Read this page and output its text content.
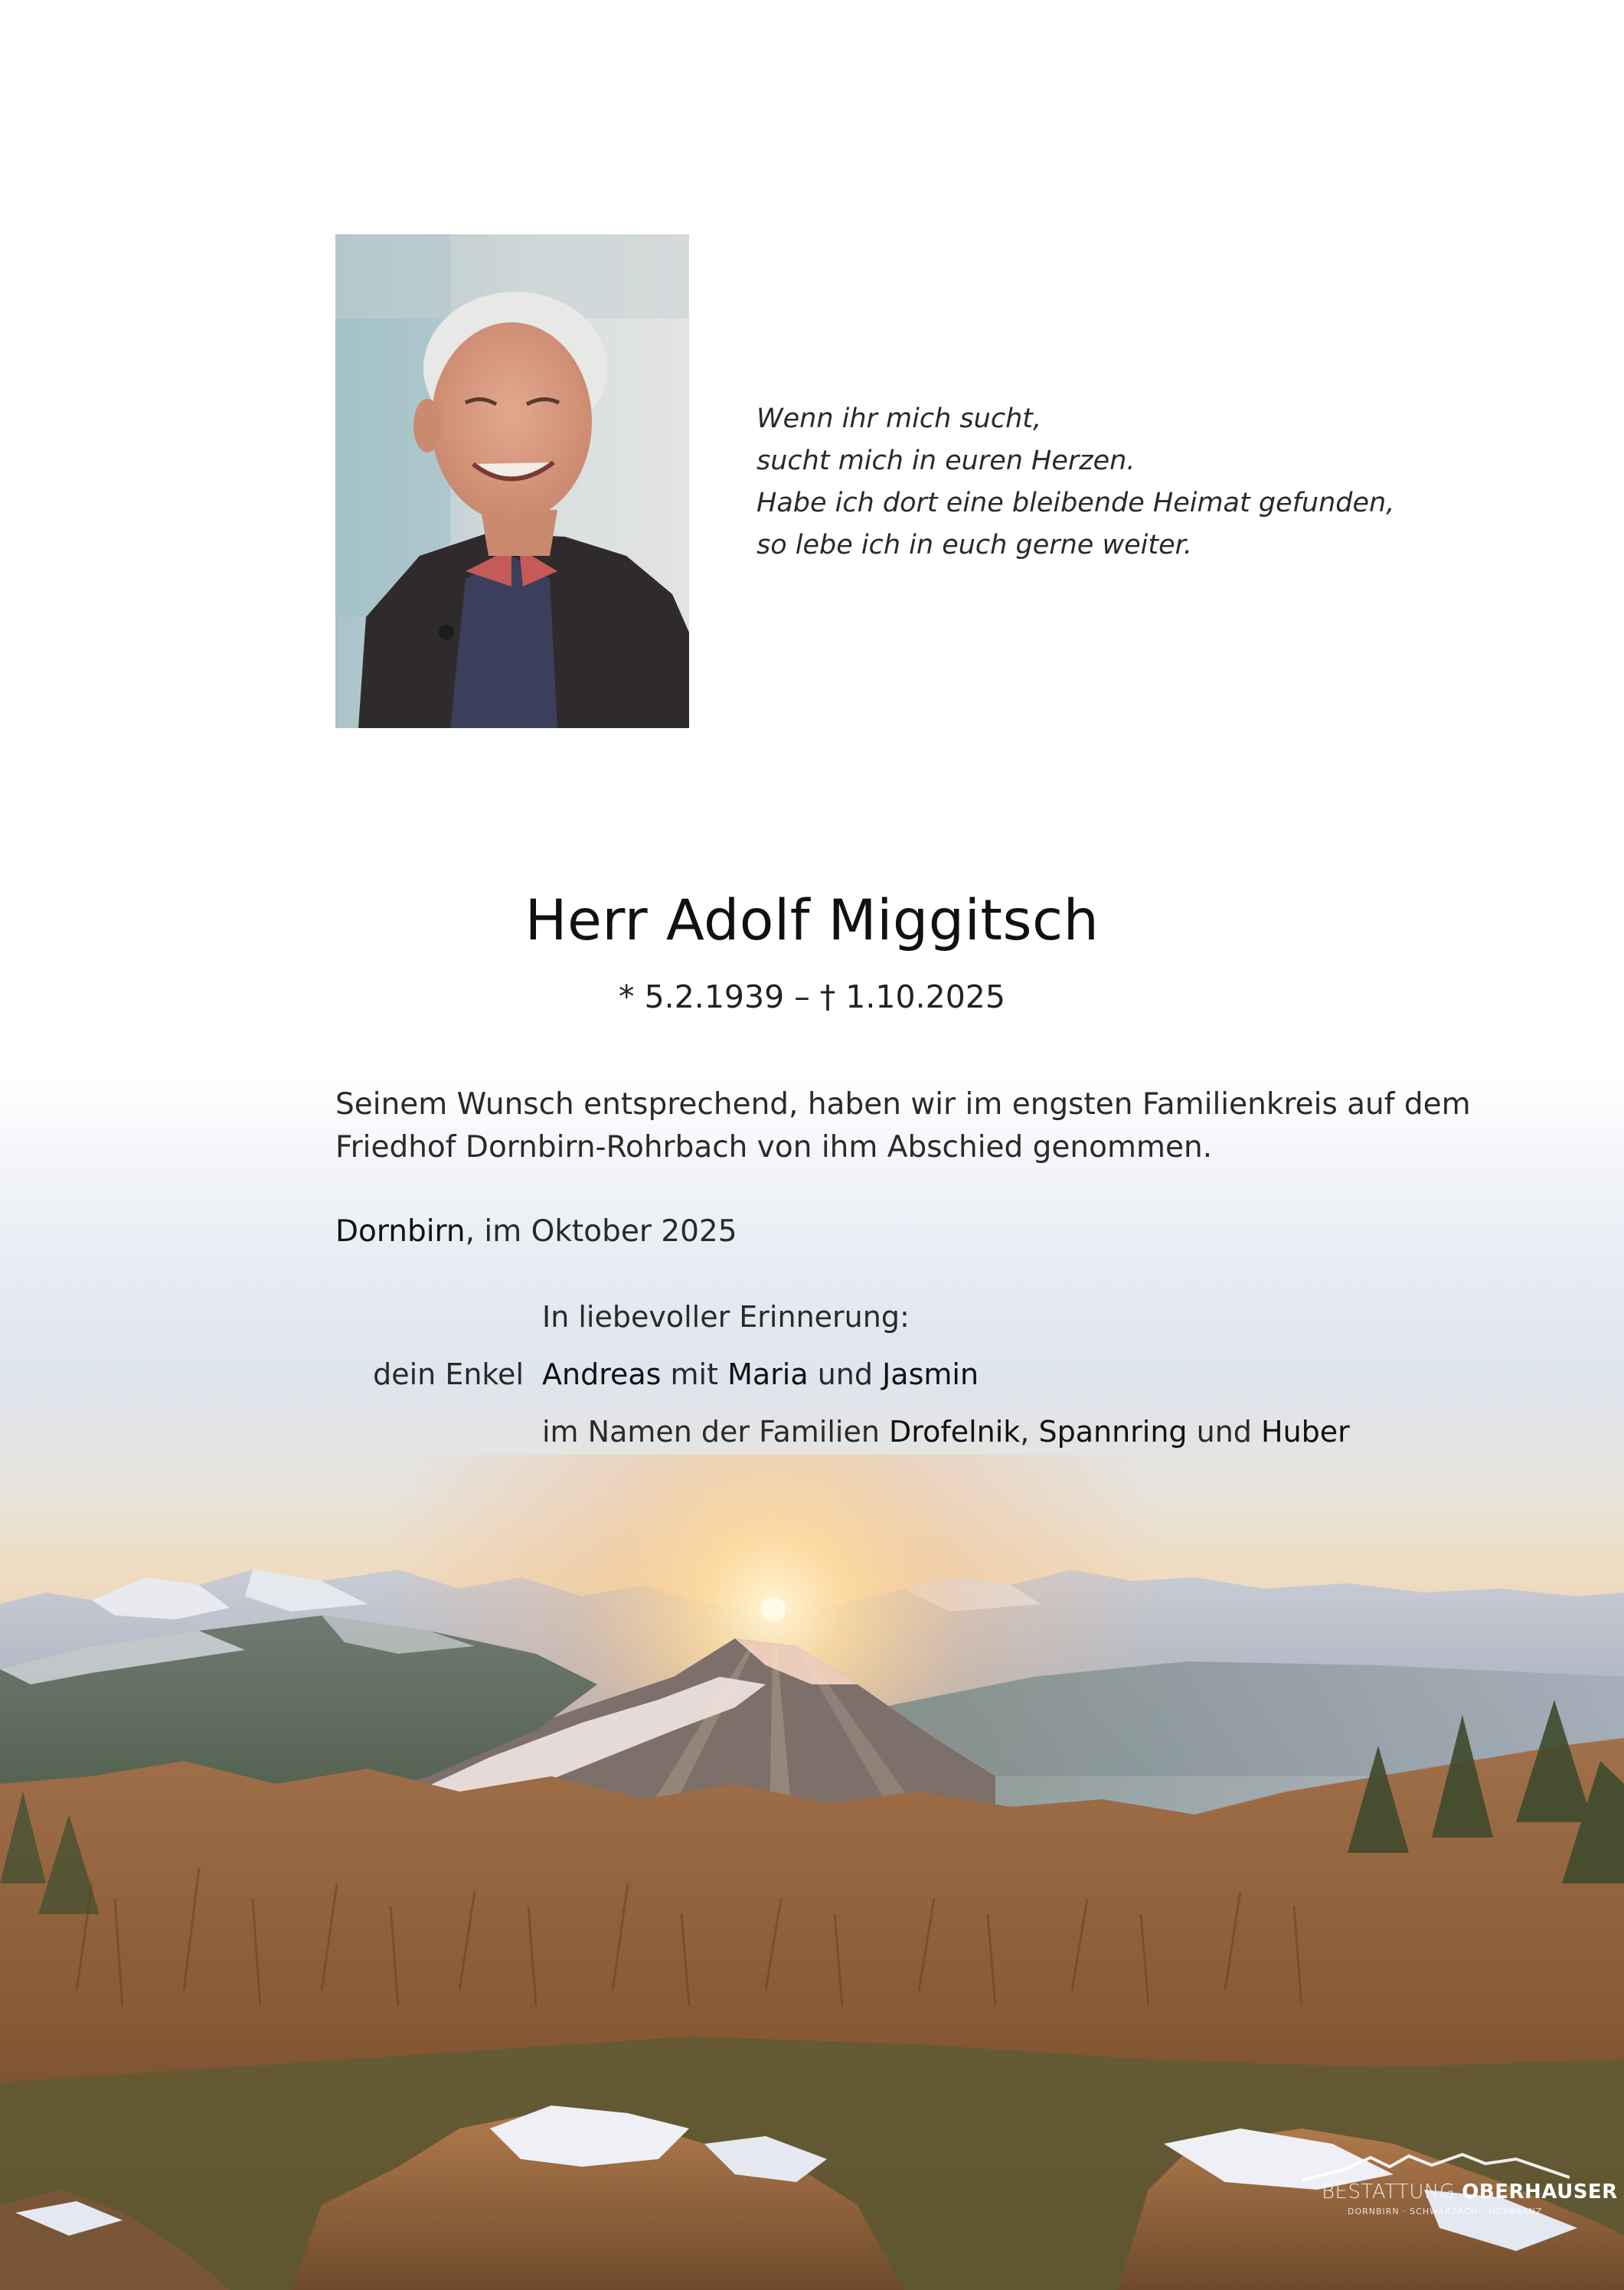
Wenn ihr mich sucht,
sucht mich in euren Herzen.
Habe ich dort eine bleibende Heimat gefunden,
so lebe ich in euch gerne weiter.
Herr Adolf Miggitsch
* 5.2.1939 – † 1.10.2025
Seinem Wunsch entsprechend, haben wir im engsten Familienkreis auf dem
Friedhof Dornbirn-Rohrbach von ihm Abschied genommen.
Dornbirn, im Oktober 2025
In liebevoller Erinnerung:
dein Enkel Andreas mit Maria und Jasmin
im Namen der Familien Drofelnik, Spannring und Huber
BESTATTUNG OBERHAUSER
DORNBIRN · SCHWARZACH · HÖRBRANZ
